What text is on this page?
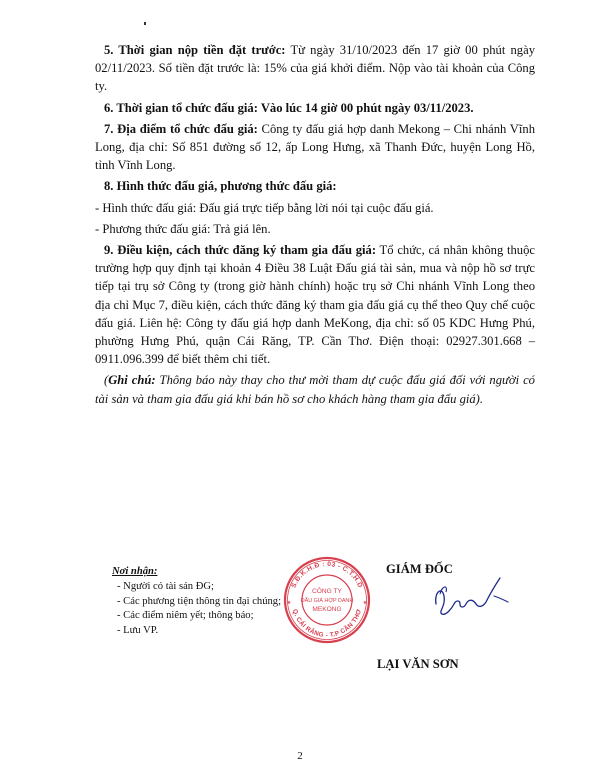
5. Thời gian nộp tiền đặt trước: Từ ngày 31/10/2023 đến 17 giờ 00 phút ngày 02/11/2023. Số tiền đặt trước là: 15% của giá khởi điểm. Nộp vào tài khoản của Công ty.

6. Thời gian tổ chức đấu giá: Vào lúc 14 giờ 00 phút ngày 03/11/2023.

7. Địa điểm tổ chức đấu giá: Công ty đấu giá hợp danh Mekong – Chi nhánh Vĩnh Long, địa chỉ: Số 851 đường số 12, ấp Long Hưng, xã Thanh Đức, huyện Long Hồ, tỉnh Vĩnh Long.

8. Hình thức đấu giá, phương thức đấu giá:

- Hình thức đấu giá: Đấu giá trực tiếp bằng lời nói tại cuộc đấu giá.

- Phương thức đấu giá: Trả giá lên.

9. Điều kiện, cách thức đăng ký tham gia đấu giá: Tổ chức, cá nhân không thuộc trường hợp quy định tại khoản 4 Điều 38 Luật Đấu giá tài sản, mua và nộp hồ sơ trực tiếp tại trụ sở Công ty (trong giờ hành chính) hoặc trụ sở Chi nhánh Vĩnh Long theo địa chỉ Mục 7, điều kiện, cách thức đăng ký tham gia đấu giá cụ thể theo Quy chế cuộc đấu giá. Liên hệ: Công ty đấu giá hợp danh MeKong, địa chỉ: số 05 KDC Hưng Phú, phường Hưng Phú, quận Cái Răng, TP. Cần Thơ. Điện thoại: 02927.301.668 – 0911.096.399 để biết thêm chi tiết.

(Ghi chú: Thông báo này thay cho thư mời tham dự cuộc đấu giá đối với người có tài sản và tham gia đấu giá khi bán hồ sơ cho khách hàng tham gia đấu giá).

Nơi nhận:
- Người có tài sản ĐG;
- Các phương tiện thông tin đại chúng;
- Các điểm niêm yết; thông báo;
- Lưu VP.
S.Đ.K.H.Đ : 03 - C.T.H.D
Q. CÁI RĂNG - T.P CẦN THƠ
CÔNG TY
ĐẤU GIÁ HỢP DANH
MEKONG
★	★
GIÁM ĐỐC
LẠI VĂN SƠN
2
